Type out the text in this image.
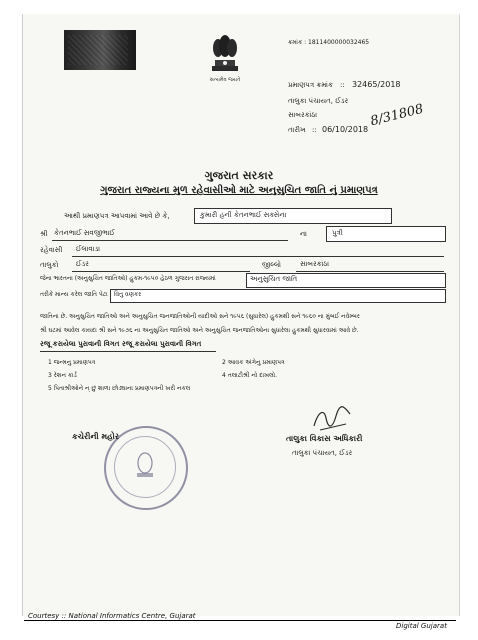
સત્યમેવ જયતે
ક્રમાંક : 1811400000032465
પ્રમાણપત્ર ક્રમાંક :: 32465/2018
તાલુકા પંચાયત, ઈડર
સાબરકાંઠા
તારીખ :: 06/10/2018
8/31808
ગુજરાત સરકાર
ગુજરાત રાજ્યના મુળ રહેવાસીઓ માટે અનુસુચિત જાતિ નું પ્રમાણપત્ર
આથી પ્રમાણપત્ર આપવામાં આવે છે કે,	કુમારી હની કેતનભાઈ સક્સેના
શ્રી કેતનભાઈ સવજીભાઈ	ના	પુત્રી
રહેવાસી ઈલાવાડા
તાલુકો	ઈડર	જીલ્લો	સાબરકાંઠા
જેના ભારતના (અનુસુચિત જાતિઓ) હુકમ-૧૯૫૦ હેઠળ ગુજરાત રાજ્યમાં	અનુસુચિત જાતિ
તરીકે માન્ય કરેલ જાતિ પેટા વિતુ વણકર
જાતિના છે. અનુસુચિત જાતિઓ અને અનુસુચિત જનજાતિઓની યાદીઓ સને ૧૯૫૬ (સુધારેલ) હુકમથી સને ૧૯૬૦ ના મુંબઈ નવેમ્બર
શ્રી ઘટમાં આવેલ કાયદા શ્રી સને ૧૯૭૬ ના અનુસુચિત જાતિઓ અને અનુસુચિત જનજાતિઓના સુધારેલા હુકમથી સુધારવામાં આવે છે.
રજૂ કરાયેલા પુરાવાની વિગત રજૂ કરાયેલા પુરાવાની વિગત
1 જન્મનુ પ્રમાણપત્ર	2 આવક અંગેનુ પ્રમાણપત્ર
3 રેશન કાર્ડ	4 તલાટીશ્રી નો દાખલો.
5 પિતાશ્રીઓને ન્ છું શાળા છોડ્યાના પ્રમાણપત્રની ખરી નકલ
કચેરીની મહોર	તાલુકા વિકાસ અધિકારી
તાલુકા પંચાયત, ઈડર
Courtesy :: National Informatics Centre, Gujarat
Digital Gujarat
